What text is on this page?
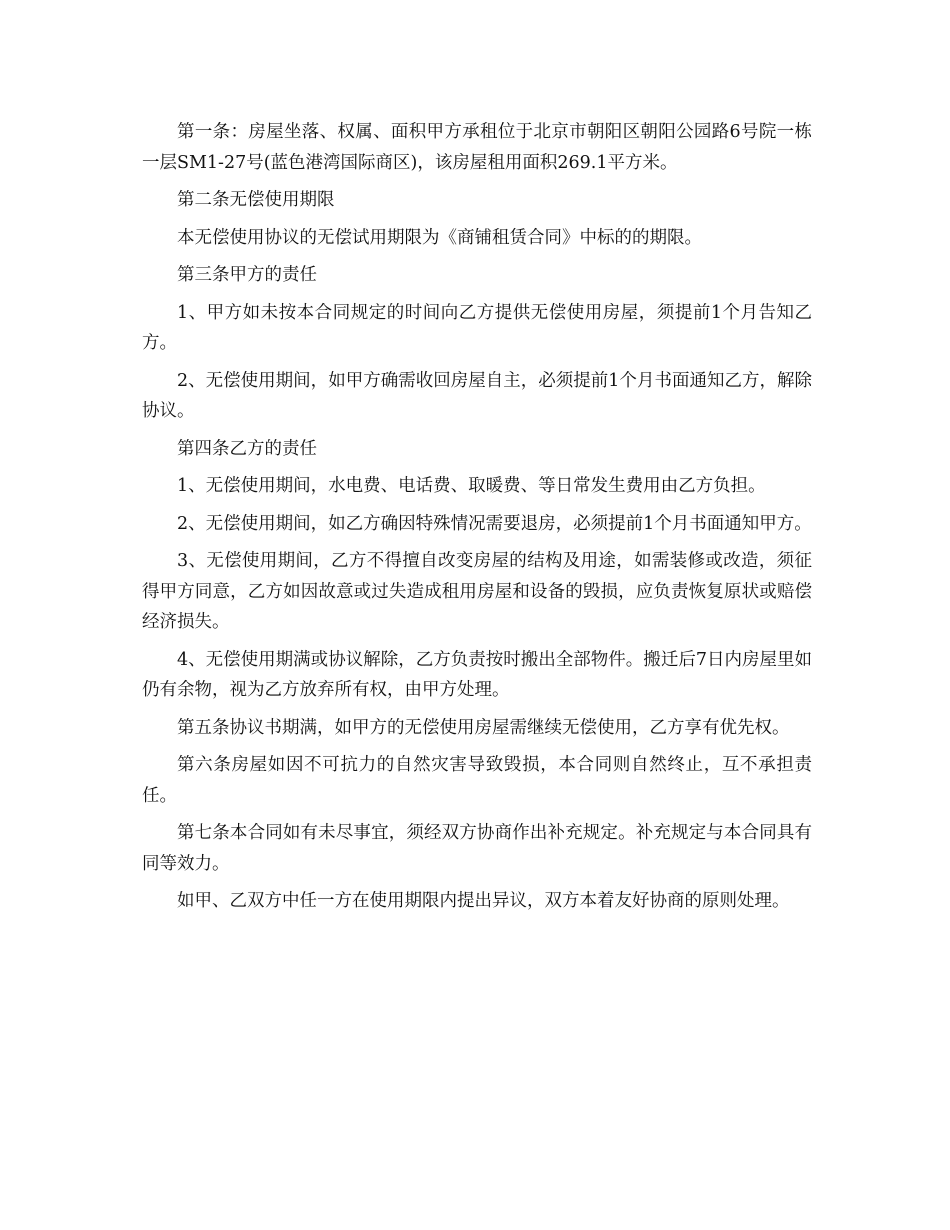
第一条：房屋坐落、权属、面积甲方承租位于北京市朝阳区朝阳公园路6号院一栋一层SM1-27号(蓝色港湾国际商区)，该房屋租用面积269.1平方米。

第二条无偿使用期限

本无偿使用协议的无偿试用期限为《商铺租赁合同》中标的的期限。

第三条甲方的责任

1、甲方如未按本合同规定的时间向乙方提供无偿使用房屋，须提前1个月告知乙方。

2、无偿使用期间，如甲方确需收回房屋自主，必须提前1个月书面通知乙方，解除协议。

第四条乙方的责任

1、无偿使用期间，水电费、电话费、取暖费、等日常发生费用由乙方负担。

2、无偿使用期间，如乙方确因特殊情况需要退房，必须提前1个月书面通知甲方。

3、无偿使用期间，乙方不得擅自改变房屋的结构及用途，如需装修或改造，须征得甲方同意，乙方如因故意或过失造成租用房屋和设备的毁损，应负责恢复原状或赔偿经济损失。

4、无偿使用期满或协议解除，乙方负责按时搬出全部物件。搬迁后7日内房屋里如仍有余物，视为乙方放弃所有权，由甲方处理。

第五条协议书期满，如甲方的无偿使用房屋需继续无偿使用，乙方享有优先权。

第六条房屋如因不可抗力的自然灾害导致毁损，本合同则自然终止，互不承担责任。

第七条本合同如有未尽事宜，须经双方协商作出补充规定。补充规定与本合同具有同等效力。

如甲、乙双方中任一方在使用期限内提出异议，双方本着友好协商的原则处理。
